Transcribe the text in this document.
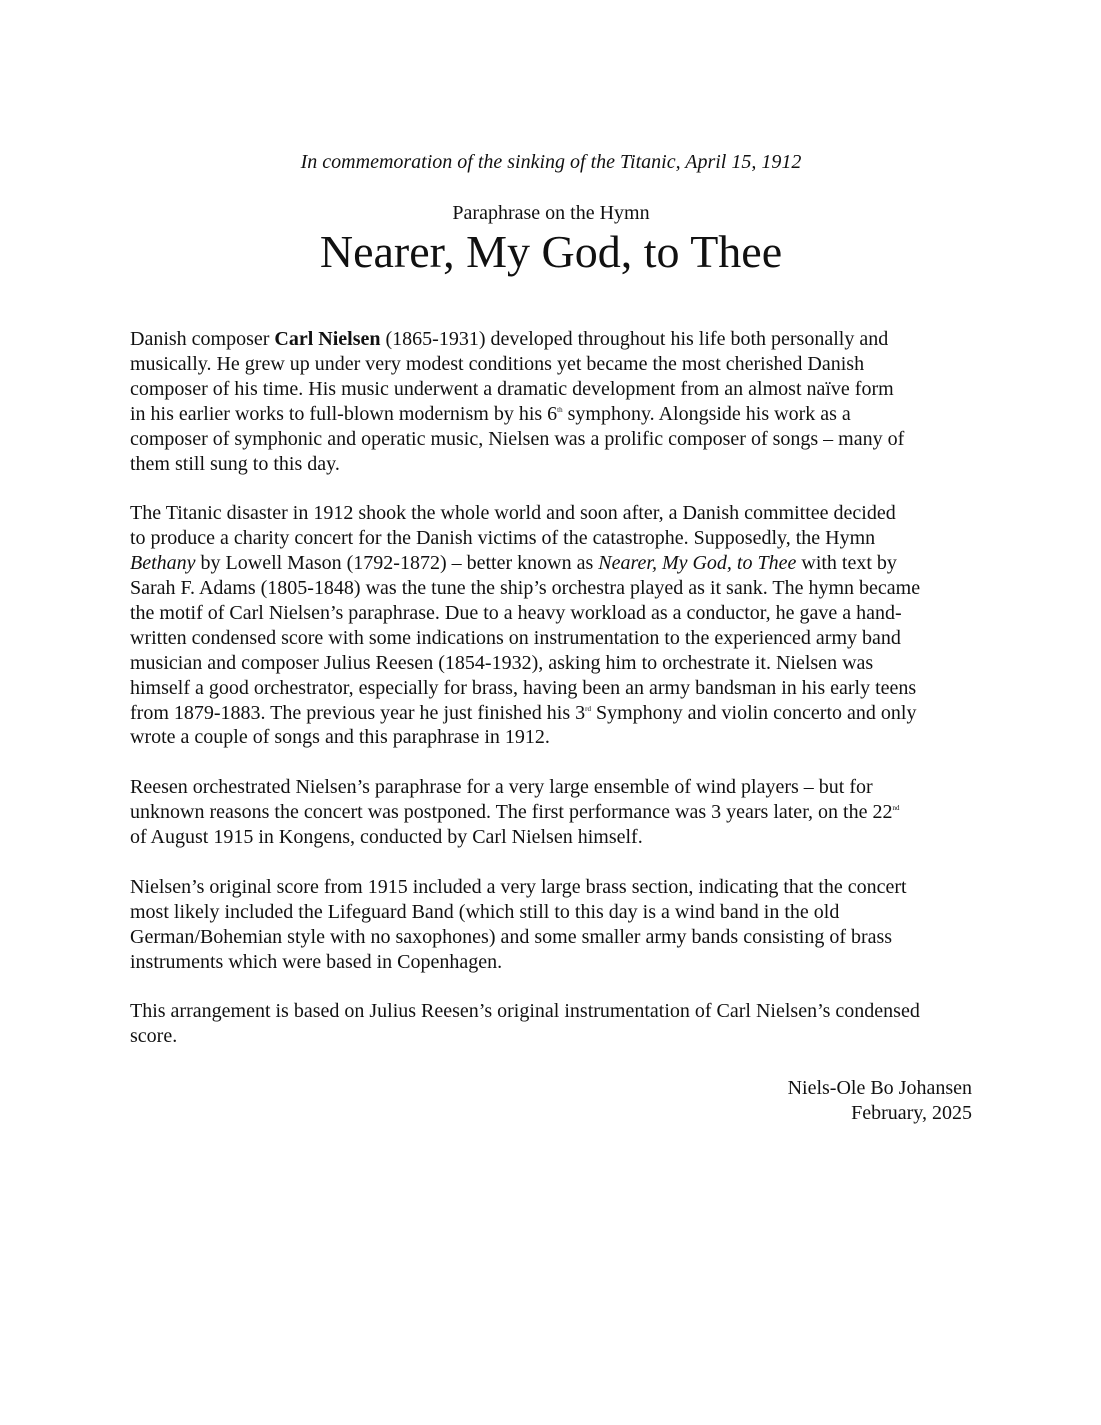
In commemoration of the sinking of the Titanic, April 15, 1912
Paraphrase on the Hymn
Nearer, My God, to Thee
Danish composer Carl Nielsen (1865-1931) developed throughout his life both personally and
musically. He grew up under very modest conditions yet became the most cherished Danish
composer of his time. His music underwent a dramatic development from an almost naïve form
in his earlier works to full-blown modernism by his 6th symphony. Alongside his work as a
composer of symphonic and operatic music, Nielsen was a prolific composer of songs – many of
them still sung to this day.
The Titanic disaster in 1912 shook the whole world and soon after, a Danish committee decided
to produce a charity concert for the Danish victims of the catastrophe. Supposedly, the Hymn
Bethany by Lowell Mason (1792-1872) – better known as Nearer, My God, to Thee with text by
Sarah F. Adams (1805-1848) was the tune the ship’s orchestra played as it sank. The hymn became
the motif of Carl Nielsen’s paraphrase. Due to a heavy workload as a conductor, he gave a hand-
written condensed score with some indications on instrumentation to the experienced army band
musician and composer Julius Reesen (1854-1932), asking him to orchestrate it. Nielsen was
himself a good orchestrator, especially for brass, having been an army bandsman in his early teens
from 1879-1883. The previous year he just finished his 3rd Symphony and violin concerto and only
wrote a couple of songs and this paraphrase in 1912.
Reesen orchestrated Nielsen’s paraphrase for a very large ensemble of wind players – but for
unknown reasons the concert was postponed. The first performance was 3 years later, on the 22nd
of August 1915 in Kongens, conducted by Carl Nielsen himself.
Nielsen’s original score from 1915 included a very large brass section, indicating that the concert
most likely included the Lifeguard Band (which still to this day is a wind band in the old
German/Bohemian style with no saxophones) and some smaller army bands consisting of brass
instruments which were based in Copenhagen.
This arrangement is based on Julius Reesen’s original instrumentation of Carl Nielsen’s condensed
score.
Niels-Ole Bo Johansen
February, 2025
